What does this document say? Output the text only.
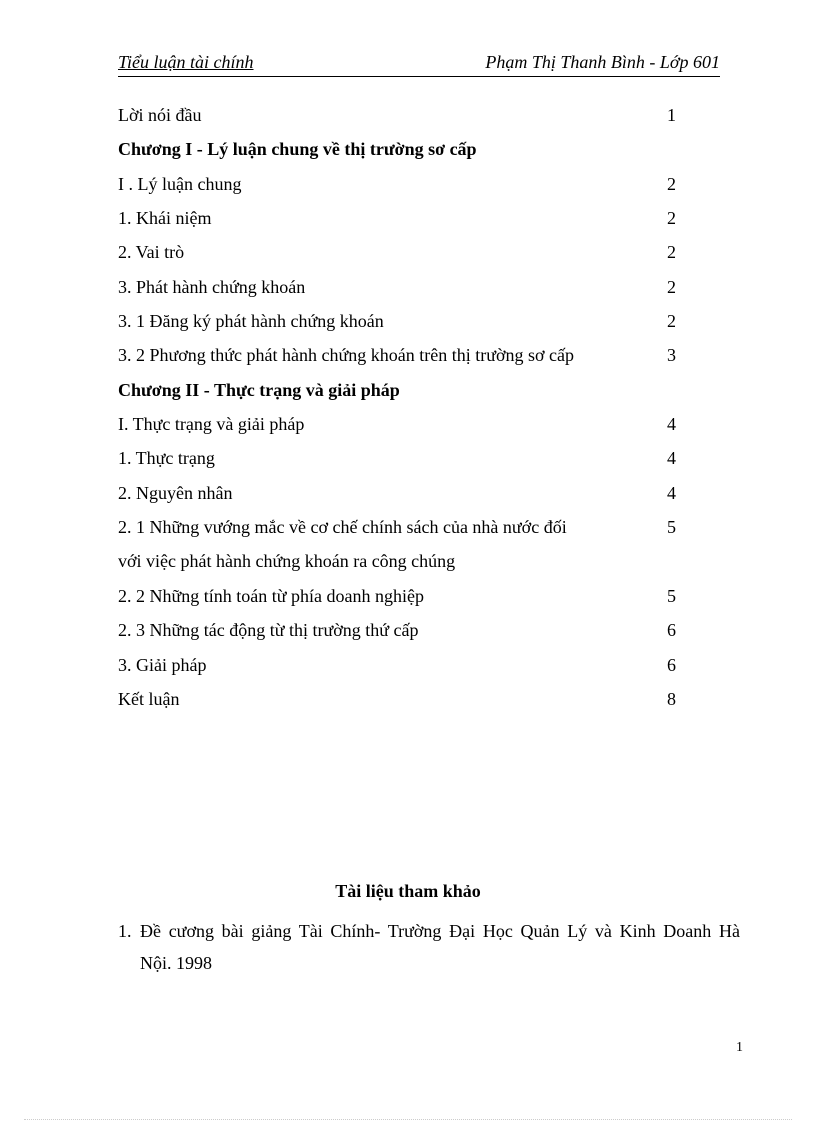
Tiểu luận tài chính	Phạm Thị Thanh Bình - Lớp 601
Lời nói đầu	1
Chương I - Lý luận chung về thị trường sơ cấp
I . Lý luận chung	2
1. Khái niệm	2
2. Vai trò	2
3. Phát hành chứng khoán	2
3. 1 Đăng ký phát hành chứng khoán	2
3. 2 Phương thức phát hành chứng khoán trên thị trường sơ cấp	3
Chương II - Thực trạng và giải pháp
I. Thực trạng và giải pháp	4
1. Thực trạng	4
2. Nguyên nhân	4
2. 1 Những vướng mắc về cơ chế chính sách của nhà nước đối	5
với việc phát hành chứng khoán ra công chúng
2. 2 Những tính toán từ phía doanh nghiệp	5
2. 3 Những tác động từ thị trường thứ cấp	6
3. Giải pháp	6
Kết luận	8
Tài liệu tham khảo
1. Đề cương bài giảng Tài Chính- Trường Đại Học Quản Lý và Kinh Doanh Hà
Nội. 1998
1
